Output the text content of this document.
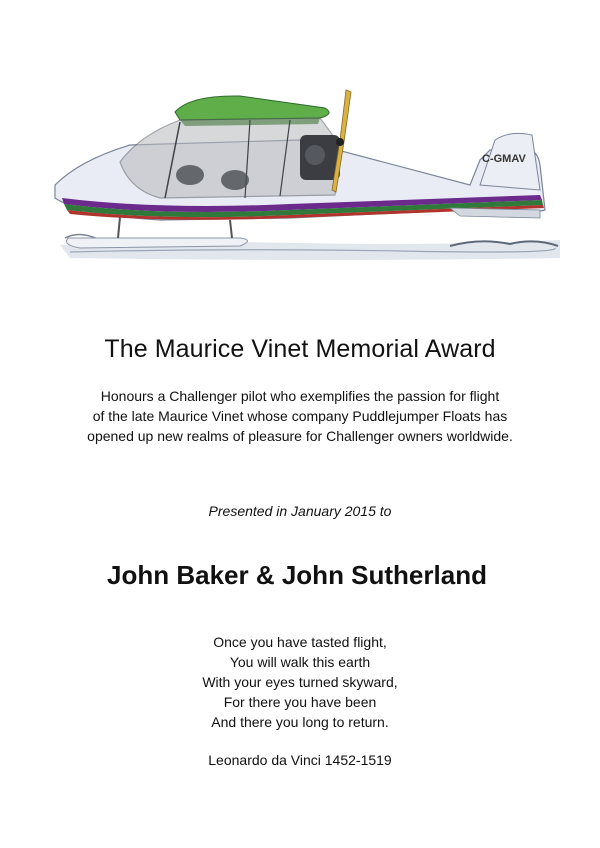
C-GMAV
The Maurice Vinet Memorial Award
Honours a Challenger pilot who exemplifies the passion for flight
of the late Maurice Vinet whose company Puddlejumper Floats has
opened up new realms of pleasure for Challenger owners worldwide.
Presented in January 2015 to
John Baker & John Sutherland
Once you have tasted flight,
You will walk this earth
With your eyes turned skyward,
For there you have been
And there you long to return.
Leonardo da Vinci 1452-1519
